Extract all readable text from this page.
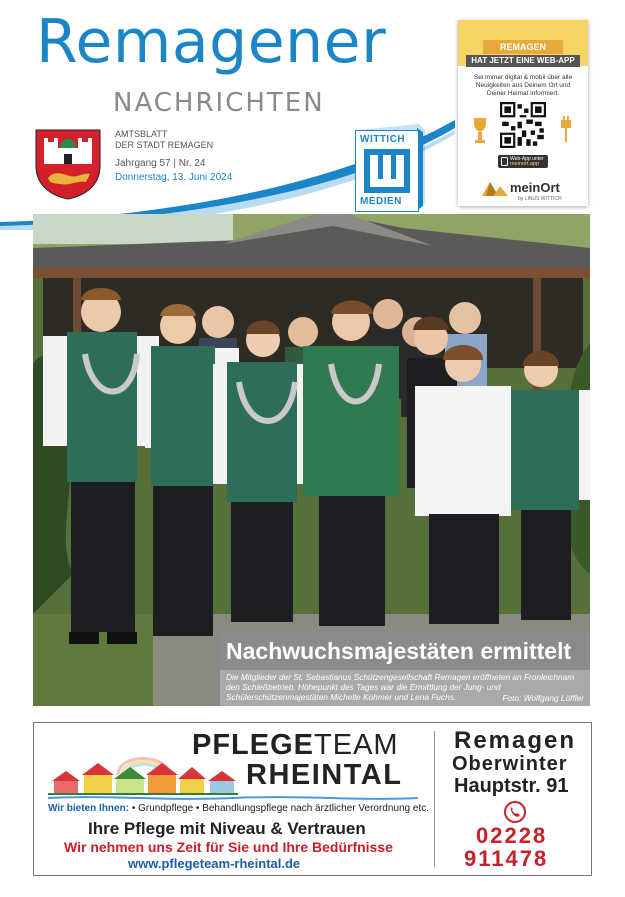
Remagener
NACHRICHTEN
AMTSBLATT
DER STADT REMAGEN
Jahrgang 57 | Nr. 24
Donnerstag, 13. Juni 2024
WITTICH
MEDIEN
REMAGEN
HAT JETZT EINE WEB-APP
Sei immer digital & mobil über alle Neuigkeiten aus Deinem Ort und Deiner Heimat informiert.
Web-App unter
meinort.app
meinOrt
by LINUS WITTICH
Nachwuchsmajestäten ermittelt
Die Mitglieder der St. Sebastianus Schützengesellschaft Remagen eröffneten an Fronleichnam den Schießbetrieb. Höhepunkt des Tages war die Ermittlung der Jung- und Schülerschützenmajestäten Michelle Kohmer und Lena Fuchs.	Foto: Wolfgang Löffler
PFLEGETEAM
RHEINTAL
Wir bieten Ihnen: • Grundpflege • Behandlungspflege nach ärztlicher Verordnung etc.
Ihre Pflege mit Niveau & Vertrauen
Wir nehmen uns Zeit für Sie und Ihre Bedürfnisse
www.pflegeteam-rheintal.de
Remagen
Oberwinter
Hauptstr. 91
02228
911478
